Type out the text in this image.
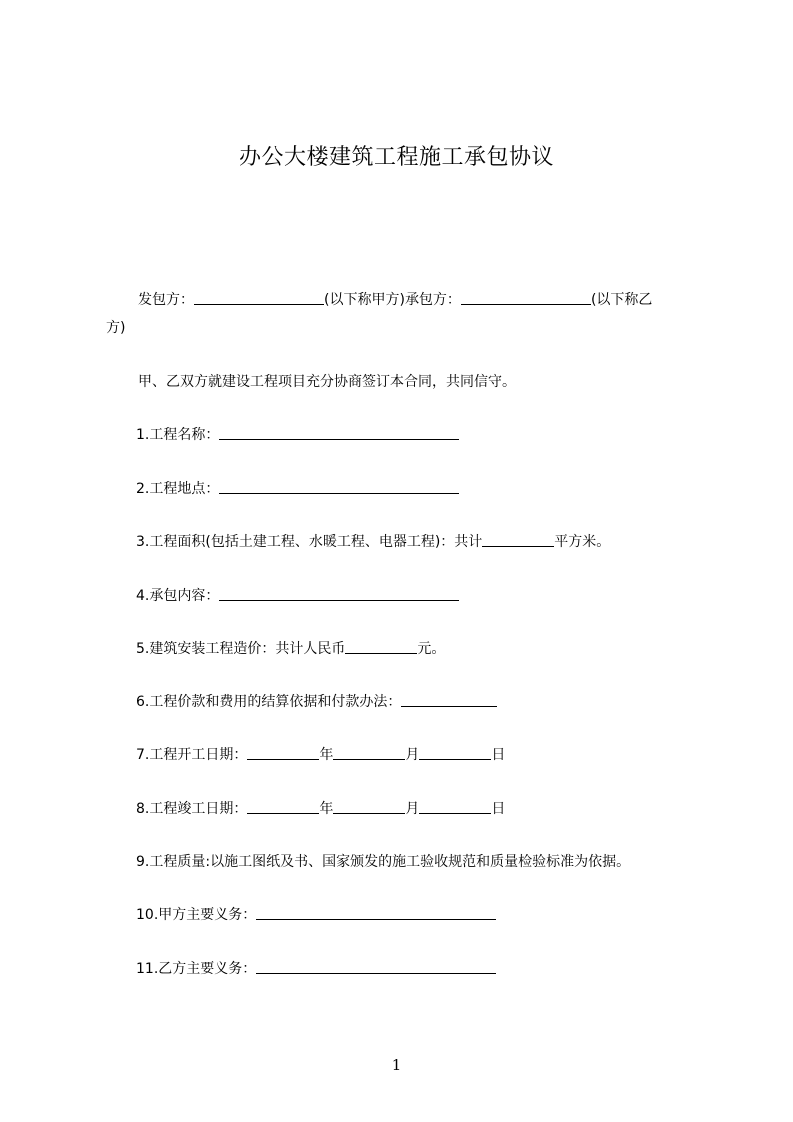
办公大楼建筑工程施工承包协议
发包方：	(以下称甲方)承包方：	(以下称乙
方)
甲、乙双方就建设工程项目充分协商签订本合同，共同信守。
1.工程名称：
2.工程地点：
3.工程面积(包括土建工程、水暖工程、电器工程)：共计	平方米。
4.承包内容：
5.建筑安装工程造价：共计人民币	元。
6.工程价款和费用的结算依据和付款办法：
7.工程开工日期：	年	月	日
8.工程竣工日期：	年	月	日
9.工程质量:以施工图纸及书、国家颁发的施工验收规范和质量检验标准为依据。
10.甲方主要义务：
11.乙方主要义务：
1
